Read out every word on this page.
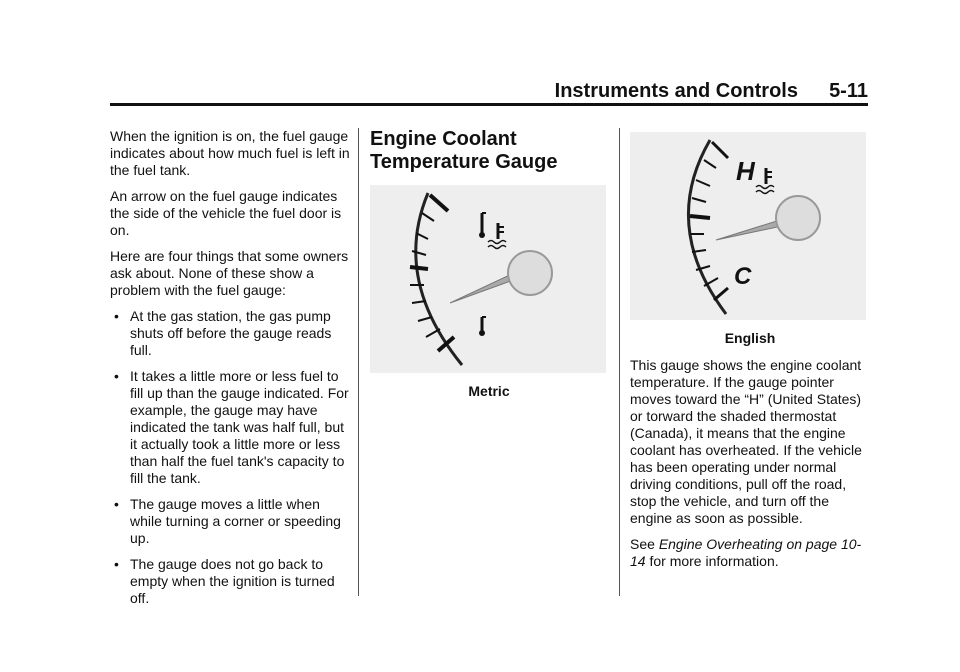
Instruments and Controls 5-11

When the ignition is on, the fuel gauge indicates about how much fuel is left in the fuel tank.

An arrow on the fuel gauge indicates the side of the vehicle the fuel door is on.

Here are four things that some owners ask about. None of these show a problem with the fuel gauge:

• At the gas station, the gas pump shuts off before the gauge reads full.
• It takes a little more or less fuel to fill up than the gauge indicated. For example, the gauge may have indicated the tank was half full, but it actually took a little more or less than half the fuel tank's capacity to fill the tank.
• The gauge moves a little when while turning a corner or speeding up.
• The gauge does not go back to empty when the ignition is turned off.
Engine Coolant Temperature Gauge
Metric
H
C
English

This gauge shows the engine coolant temperature. If the gauge pointer moves toward the “H” (United States) or torward the shaded thermostat (Canada), it means that the engine coolant has overheated. If the vehicle has been operating under normal driving conditions, pull off the road, stop the vehicle, and turn off the engine as soon as possible.

See Engine Overheating on page 10-14 for more information.
